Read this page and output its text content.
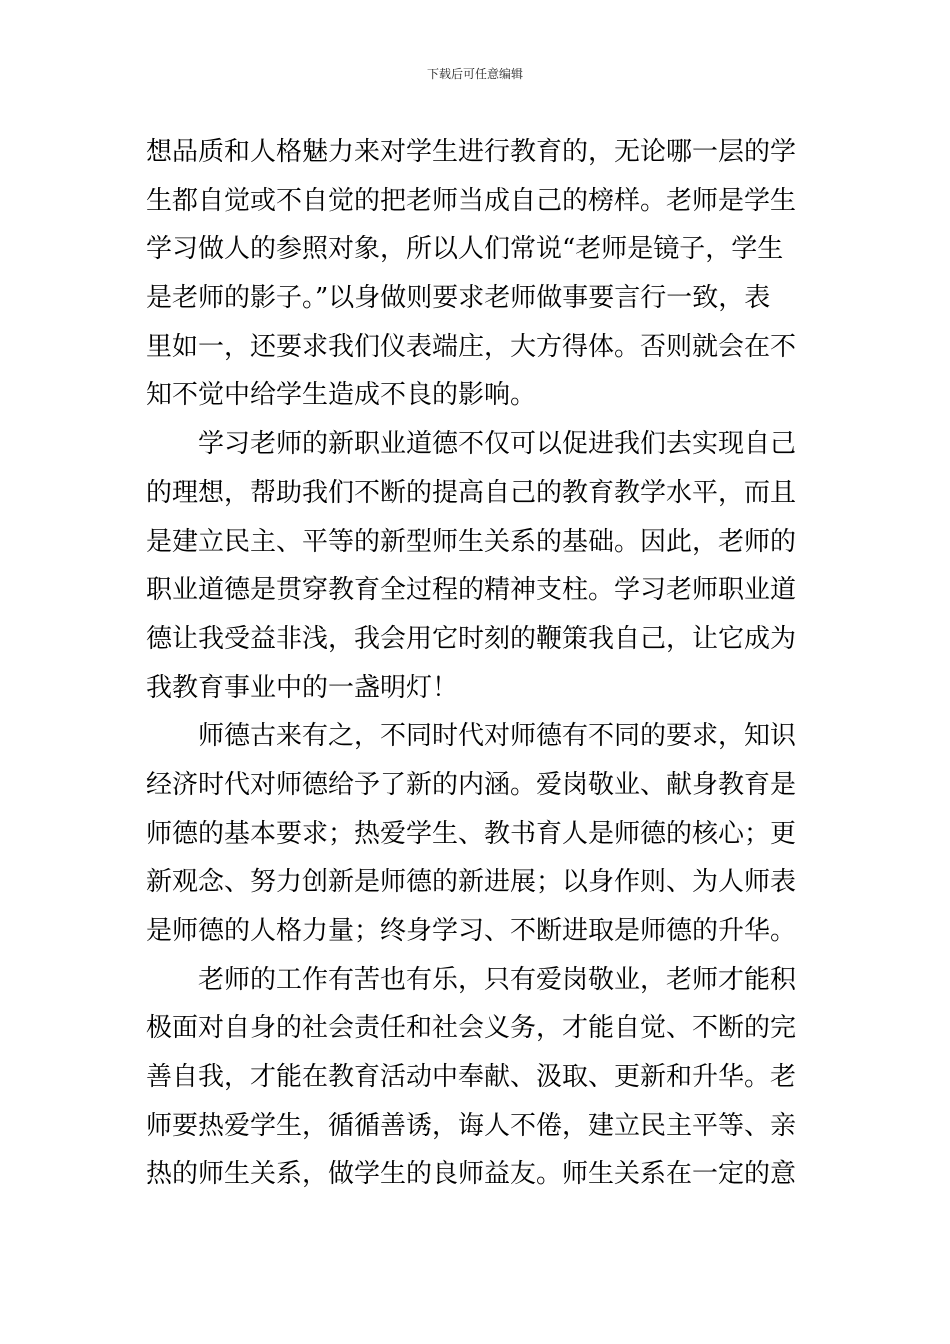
下载后可任意编辑
想品质和人格魅力来对学生进行教育的，无论哪一层的学
生都自觉或不自觉的把老师当成自己的榜样。老师是学生
学习做人的参照对象，所以人们常说“老师是镜子，学生
是老师的影子。”以身做则要求老师做事要言行一致，表
里如一，还要求我们仪表端庄，大方得体。否则就会在不
知不觉中给学生造成不良的影响。
学习老师的新职业道德不仅可以促进我们去实现自己
的理想，帮助我们不断的提高自己的教育教学水平，而且
是建立民主、平等的新型师生关系的基础。因此，老师的
职业道德是贯穿教育全过程的精神支柱。学习老师职业道
德让我受益非浅，我会用它时刻的鞭策我自己，让它成为
我教育事业中的一盏明灯！
师德古来有之，不同时代对师德有不同的要求，知识
经济时代对师德给予了新的内涵。爱岗敬业、献身教育是
师德的基本要求；热爱学生、教书育人是师德的核心；更
新观念、努力创新是师德的新进展；以身作则、为人师表
是师德的人格力量；终身学习、不断进取是师德的升华。
老师的工作有苦也有乐，只有爱岗敬业，老师才能积
极面对自身的社会责任和社会义务，才能自觉、不断的完
善自我，才能在教育活动中奉献、汲取、更新和升华。老
师要热爱学生，循循善诱，诲人不倦，建立民主平等、亲
热的师生关系，做学生的良师益友。师生关系在一定的意
